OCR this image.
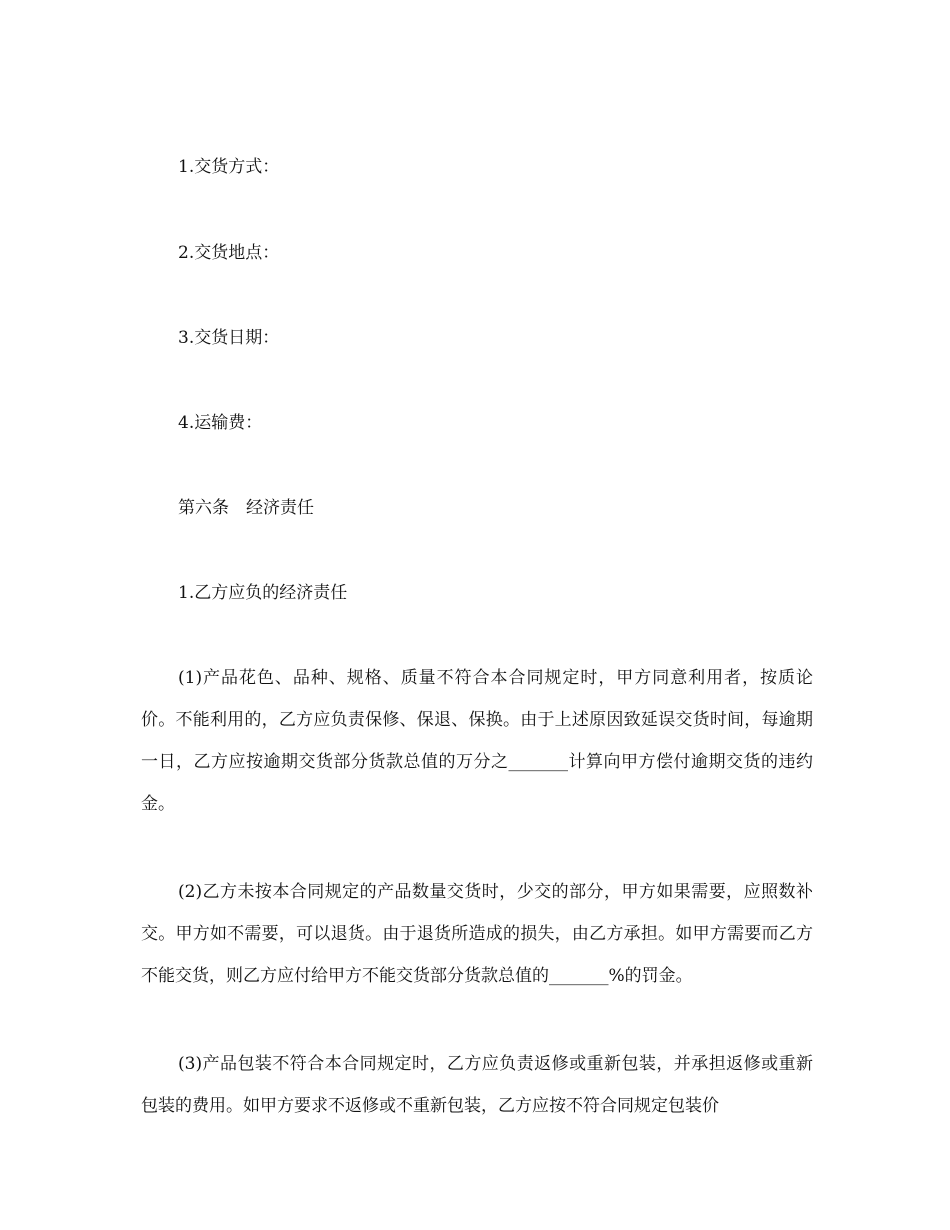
1.交货方式：
2.交货地点：
3.交货日期：
4.运输费：
第六条　经济责任
1.乙方应负的经济责任
(1)产品花色、品种、规格、质量不符合本合同规定时，甲方同意利用者，按质论价。不能利用的，乙方应负责保修、保退、保换。由于上述原因致延误交货时间，每逾期一日，乙方应按逾期交货部分货款总值的万分之_______计算向甲方偿付逾期交货的违约金。
(2)乙方未按本合同规定的产品数量交货时，少交的部分，甲方如果需要，应照数补交。甲方如不需要，可以退货。由于退货所造成的损失，由乙方承担。如甲方需要而乙方不能交货，则乙方应付给甲方不能交货部分货款总值的_______%的罚金。
(3)产品包装不符合本合同规定时，乙方应负责返修或重新包装，并承担返修或重新包装的费用。如甲方要求不返修或不重新包装，乙方应按不符合同规定包装价
